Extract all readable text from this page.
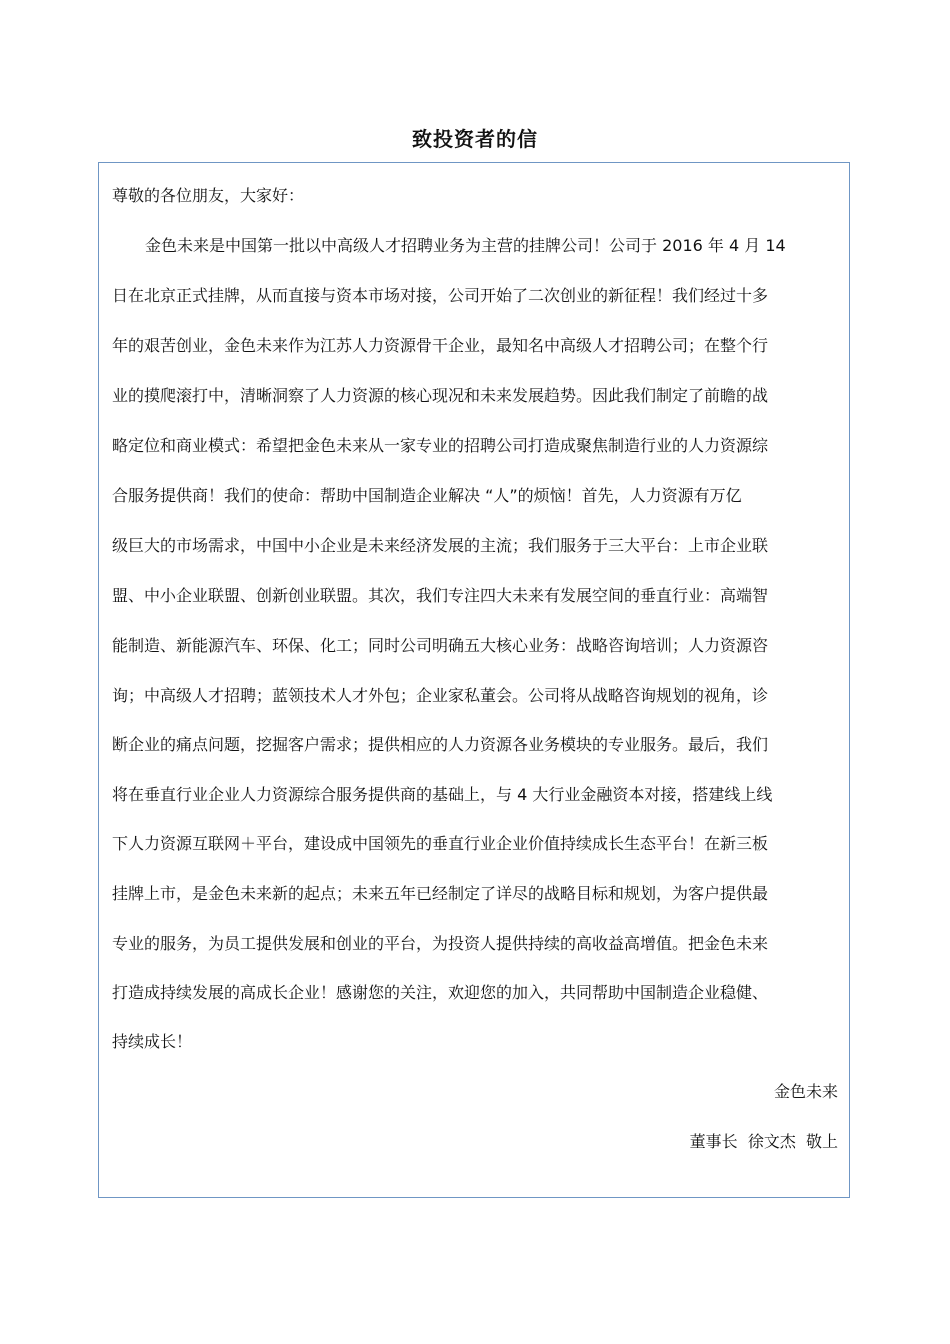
致投资者的信
尊敬的各位朋友，大家好：
金色未来是中国第一批以中高级人才招聘业务为主营的挂牌公司！公司于 2016 年 4 月 14
日在北京正式挂牌，从而直接与资本市场对接，公司开始了二次创业的新征程！我们经过十多
年的艰苦创业，金色未来作为江苏人力资源骨干企业，最知名中高级人才招聘公司；在整个行
业的摸爬滚打中，清晰洞察了人力资源的核心现况和未来发展趋势。因此我们制定了前瞻的战
略定位和商业模式：希望把金色未来从一家专业的招聘公司打造成聚焦制造行业的人力资源综
合服务提供商！我们的使命：帮助中国制造企业解决 “人”的烦恼！首先，人力资源有万亿
级巨大的市场需求，中国中小企业是未来经济发展的主流；我们服务于三大平台：上市企业联
盟、中小企业联盟、创新创业联盟。其次，我们专注四大未来有发展空间的垂直行业：高端智
能制造、新能源汽车、环保、化工；同时公司明确五大核心业务：战略咨询培训；人力资源咨
询；中高级人才招聘；蓝领技术人才外包；企业家私董会。公司将从战略咨询规划的视角，诊
断企业的痛点问题，挖掘客户需求；提供相应的人力资源各业务模块的专业服务。最后，我们
将在垂直行业企业人力资源综合服务提供商的基础上，与 4 大行业金融资本对接，搭建线上线
下人力资源互联网＋平台，建设成中国领先的垂直行业企业价值持续成长生态平台！在新三板
挂牌上市，是金色未来新的起点；未来五年已经制定了详尽的战略目标和规划，为客户提供最
专业的服务，为员工提供发展和创业的平台，为投资人提供持续的高收益高增值。把金色未来
打造成持续发展的高成长企业！感谢您的关注，欢迎您的加入，共同帮助中国制造企业稳健、
持续成长！
金色未来
董事长  徐文杰  敬上
